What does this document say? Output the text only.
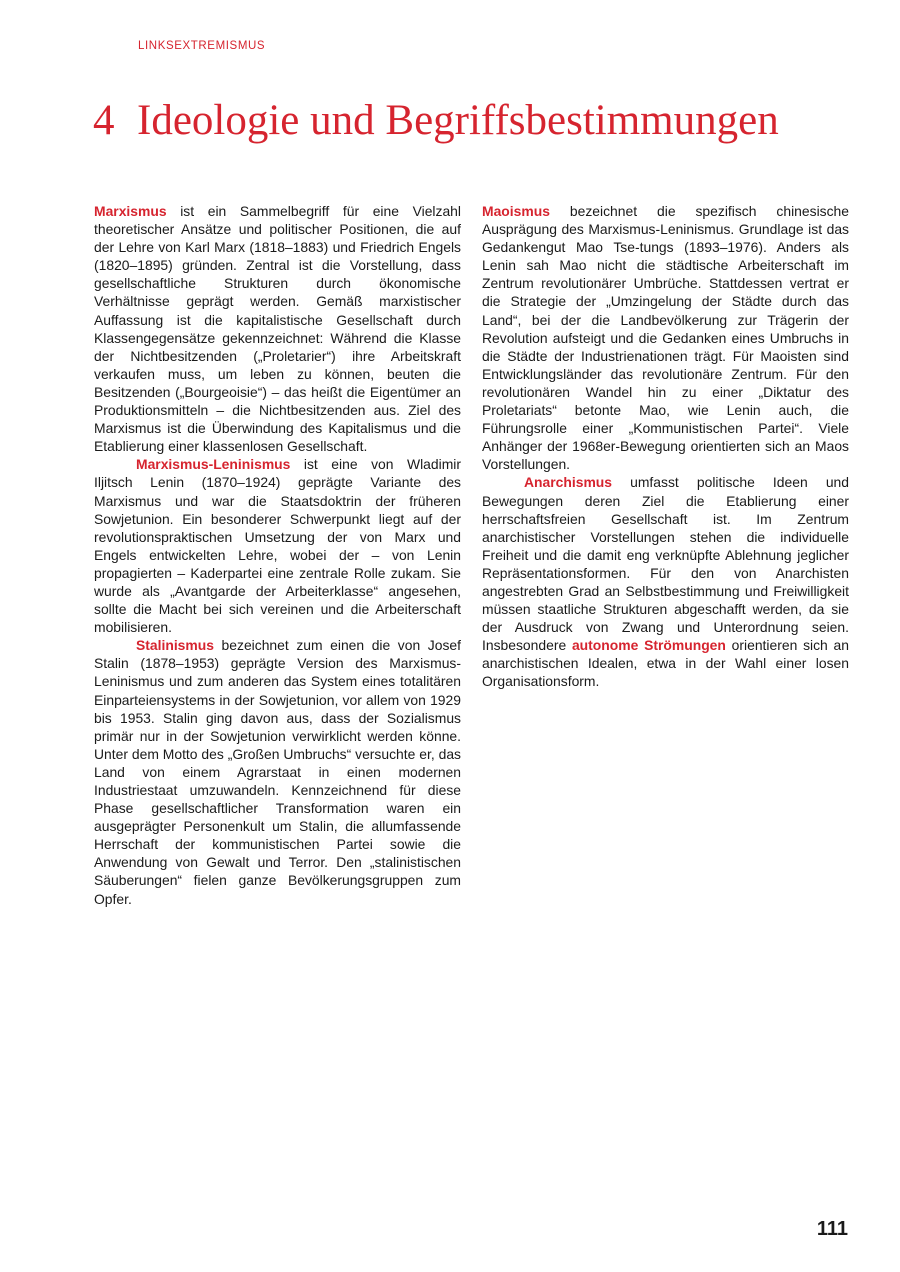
LINKSEXTREMISMUS
4 Ideologie und Begriffsbestimmungen

Marxismus ist ein Sammelbegriff für eine Vielzahl theoretischer Ansätze und politischer Positionen, die auf der Lehre von Karl Marx (1818–1883) und Friedrich Engels (1820–1895) gründen. Zentral ist die Vorstellung, dass gesellschaftliche Strukturen durch ökonomische Verhältnisse geprägt werden. Gemäß marxistischer Auffassung ist die kapitalistische Gesellschaft durch Klassengegensätze gekennzeichnet: Während die Klasse der Nichtbesitzenden („Proletarier“) ihre Arbeitskraft verkaufen muss, um leben zu können, beuten die Besitzenden („Bourgeoisie“) – das heißt die Eigentümer an Produktionsmitteln – die Nichtbesitzenden aus. Ziel des Marxismus ist die Überwindung des Kapitalismus und die Etablierung einer klassenlosen Gesellschaft.

Marxismus-Leninismus ist eine von Wladimir Iljitsch Lenin (1870–1924) geprägte Variante des Marxismus und war die Staatsdoktrin der früheren Sowjetunion. Ein besonderer Schwerpunkt liegt auf der revolutionspraktischen Umsetzung der von Marx und Engels entwickelten Lehre, wobei der – von Lenin propagierten – Kaderpartei eine zentrale Rolle zukam. Sie wurde als „Avantgarde der Arbeiterklasse“ angesehen, sollte die Macht bei sich vereinen und die Arbeiterschaft mobilisieren.

Stalinismus bezeichnet zum einen die von Josef Stalin (1878–1953) geprägte Version des Marxismus-Leninismus und zum anderen das System eines totalitären Einparteiensystems in der Sowjetunion, vor allem von 1929 bis 1953. Stalin ging davon aus, dass der Sozialismus primär nur in der Sowjetunion verwirklicht werden könne. Unter dem Motto des „Großen Umbruchs“ versuchte er, das Land von einem Agrarstaat in einen modernen Industriestaat umzuwandeln. Kennzeichnend für diese Phase gesellschaftlicher Transformation waren ein ausgeprägter Personenkult um Stalin, die allumfassende Herrschaft der kommunistischen Partei sowie die Anwendung von Gewalt und Terror. Den „stalinistischen Säuberungen“ fielen ganze Bevölkerungsgruppen zum Opfer.

Maoismus bezeichnet die spezifisch chinesische Ausprägung des Marxismus-Leninismus. Grundlage ist das Gedankengut Mao Tse-tungs (1893–1976). Anders als Lenin sah Mao nicht die städtische Arbeiterschaft im Zentrum revolutionärer Umbrüche. Stattdessen vertrat er die Strategie der „Umzingelung der Städte durch das Land“, bei der die Landbevölkerung zur Trägerin der Revolution aufsteigt und die Gedanken eines Umbruchs in die Städte der Industrienationen trägt. Für Maoisten sind Entwicklungsländer das revolutionäre Zentrum. Für den revolutionären Wandel hin zu einer „Diktatur des Proletariats“ betonte Mao, wie Lenin auch, die Führungsrolle einer „Kommunistischen Partei“. Viele Anhänger der 1968er-Bewegung orientierten sich an Maos Vorstellungen.

Anarchismus umfasst politische Ideen und Bewegungen deren Ziel die Etablierung einer herrschaftsfreien Gesellschaft ist. Im Zentrum anarchistischer Vorstellungen stehen die individuelle Freiheit und die damit eng verknüpfte Ablehnung jeglicher Repräsentationsformen. Für den von Anarchisten angestrebten Grad an Selbstbestimmung und Freiwilligkeit müssen staatliche Strukturen abgeschafft werden, da sie der Ausdruck von Zwang und Unterordnung seien. Insbesondere autonome Strömungen orientieren sich an anarchistischen Idealen, etwa in der Wahl einer losen Organisationsform.

111
